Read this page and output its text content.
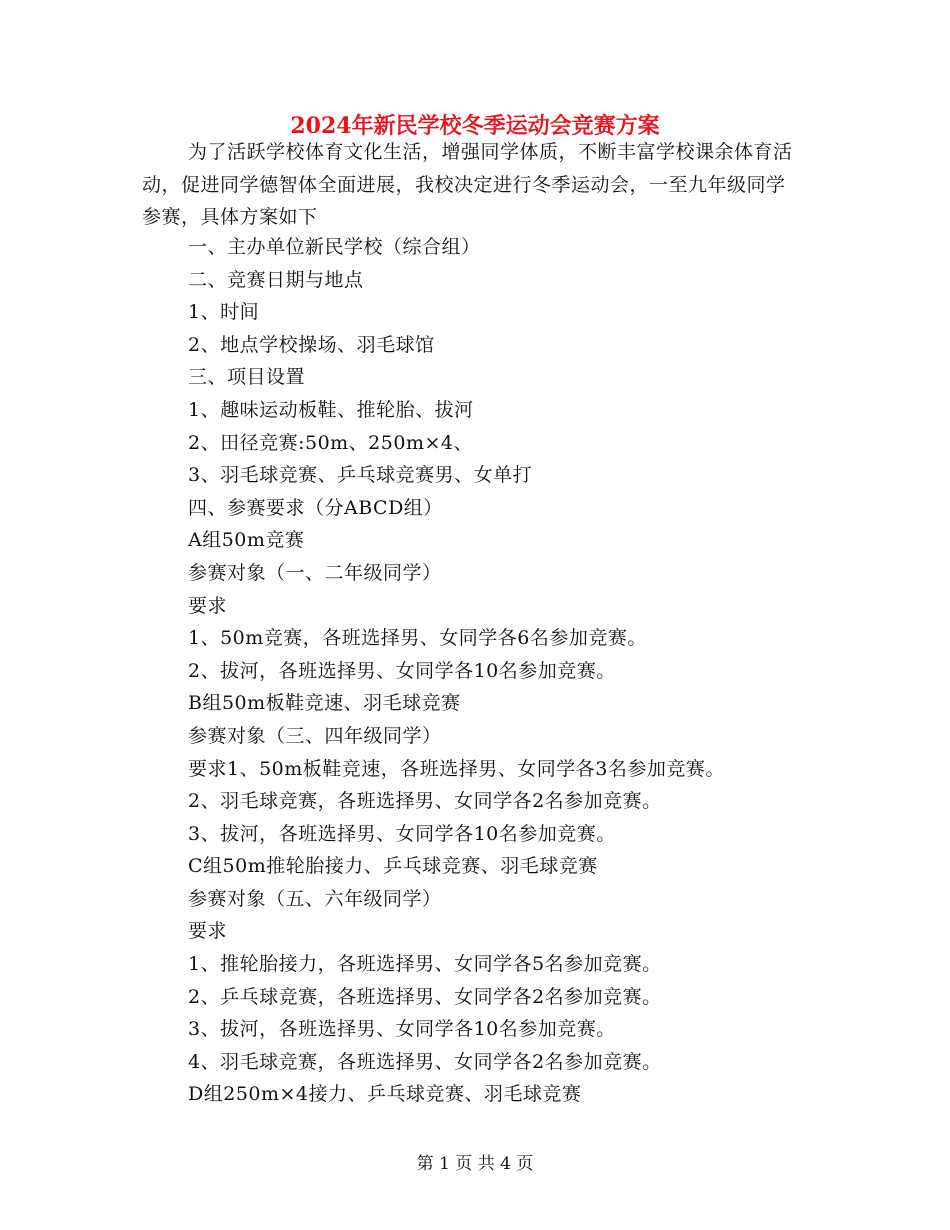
2024年新民学校冬季运动会竞赛方案

为了活跃学校体育文化生活，增强同学体质，不断丰富学校课余体育活动，促进同学德智体全面进展，我校决定进行冬季运动会，一至九年级同学参赛，具体方案如下

一、主办单位新民学校（综合组）
二、竞赛日期与地点
1、时间
2、地点学校操场、羽毛球馆
三、项目设置
1、趣味运动板鞋、推轮胎、拔河
2、田径竞赛:50m、250m×4、
3、羽毛球竞赛、乒乓球竞赛男、女单打
四、参赛要求（分ABCD组）
A组50m竞赛
参赛对象（一、二年级同学）
要求
1、50m竞赛，各班选择男、女同学各6名参加竞赛。
2、拔河，各班选择男、女同学各10名参加竞赛。
B组50m板鞋竞速、羽毛球竞赛
参赛对象（三、四年级同学）
要求1、50m板鞋竞速，各班选择男、女同学各3名参加竞赛。
2、羽毛球竞赛，各班选择男、女同学各2名参加竞赛。
3、拔河，各班选择男、女同学各10名参加竞赛。
C组50m推轮胎接力、乒乓球竞赛、羽毛球竞赛
参赛对象（五、六年级同学）
要求
1、推轮胎接力，各班选择男、女同学各5名参加竞赛。
2、乒乓球竞赛，各班选择男、女同学各2名参加竞赛。
3、拔河，各班选择男、女同学各10名参加竞赛。
4、羽毛球竞赛，各班选择男、女同学各2名参加竞赛。
D组250m×4接力、乒乓球竞赛、羽毛球竞赛
第 1 页 共 4 页
